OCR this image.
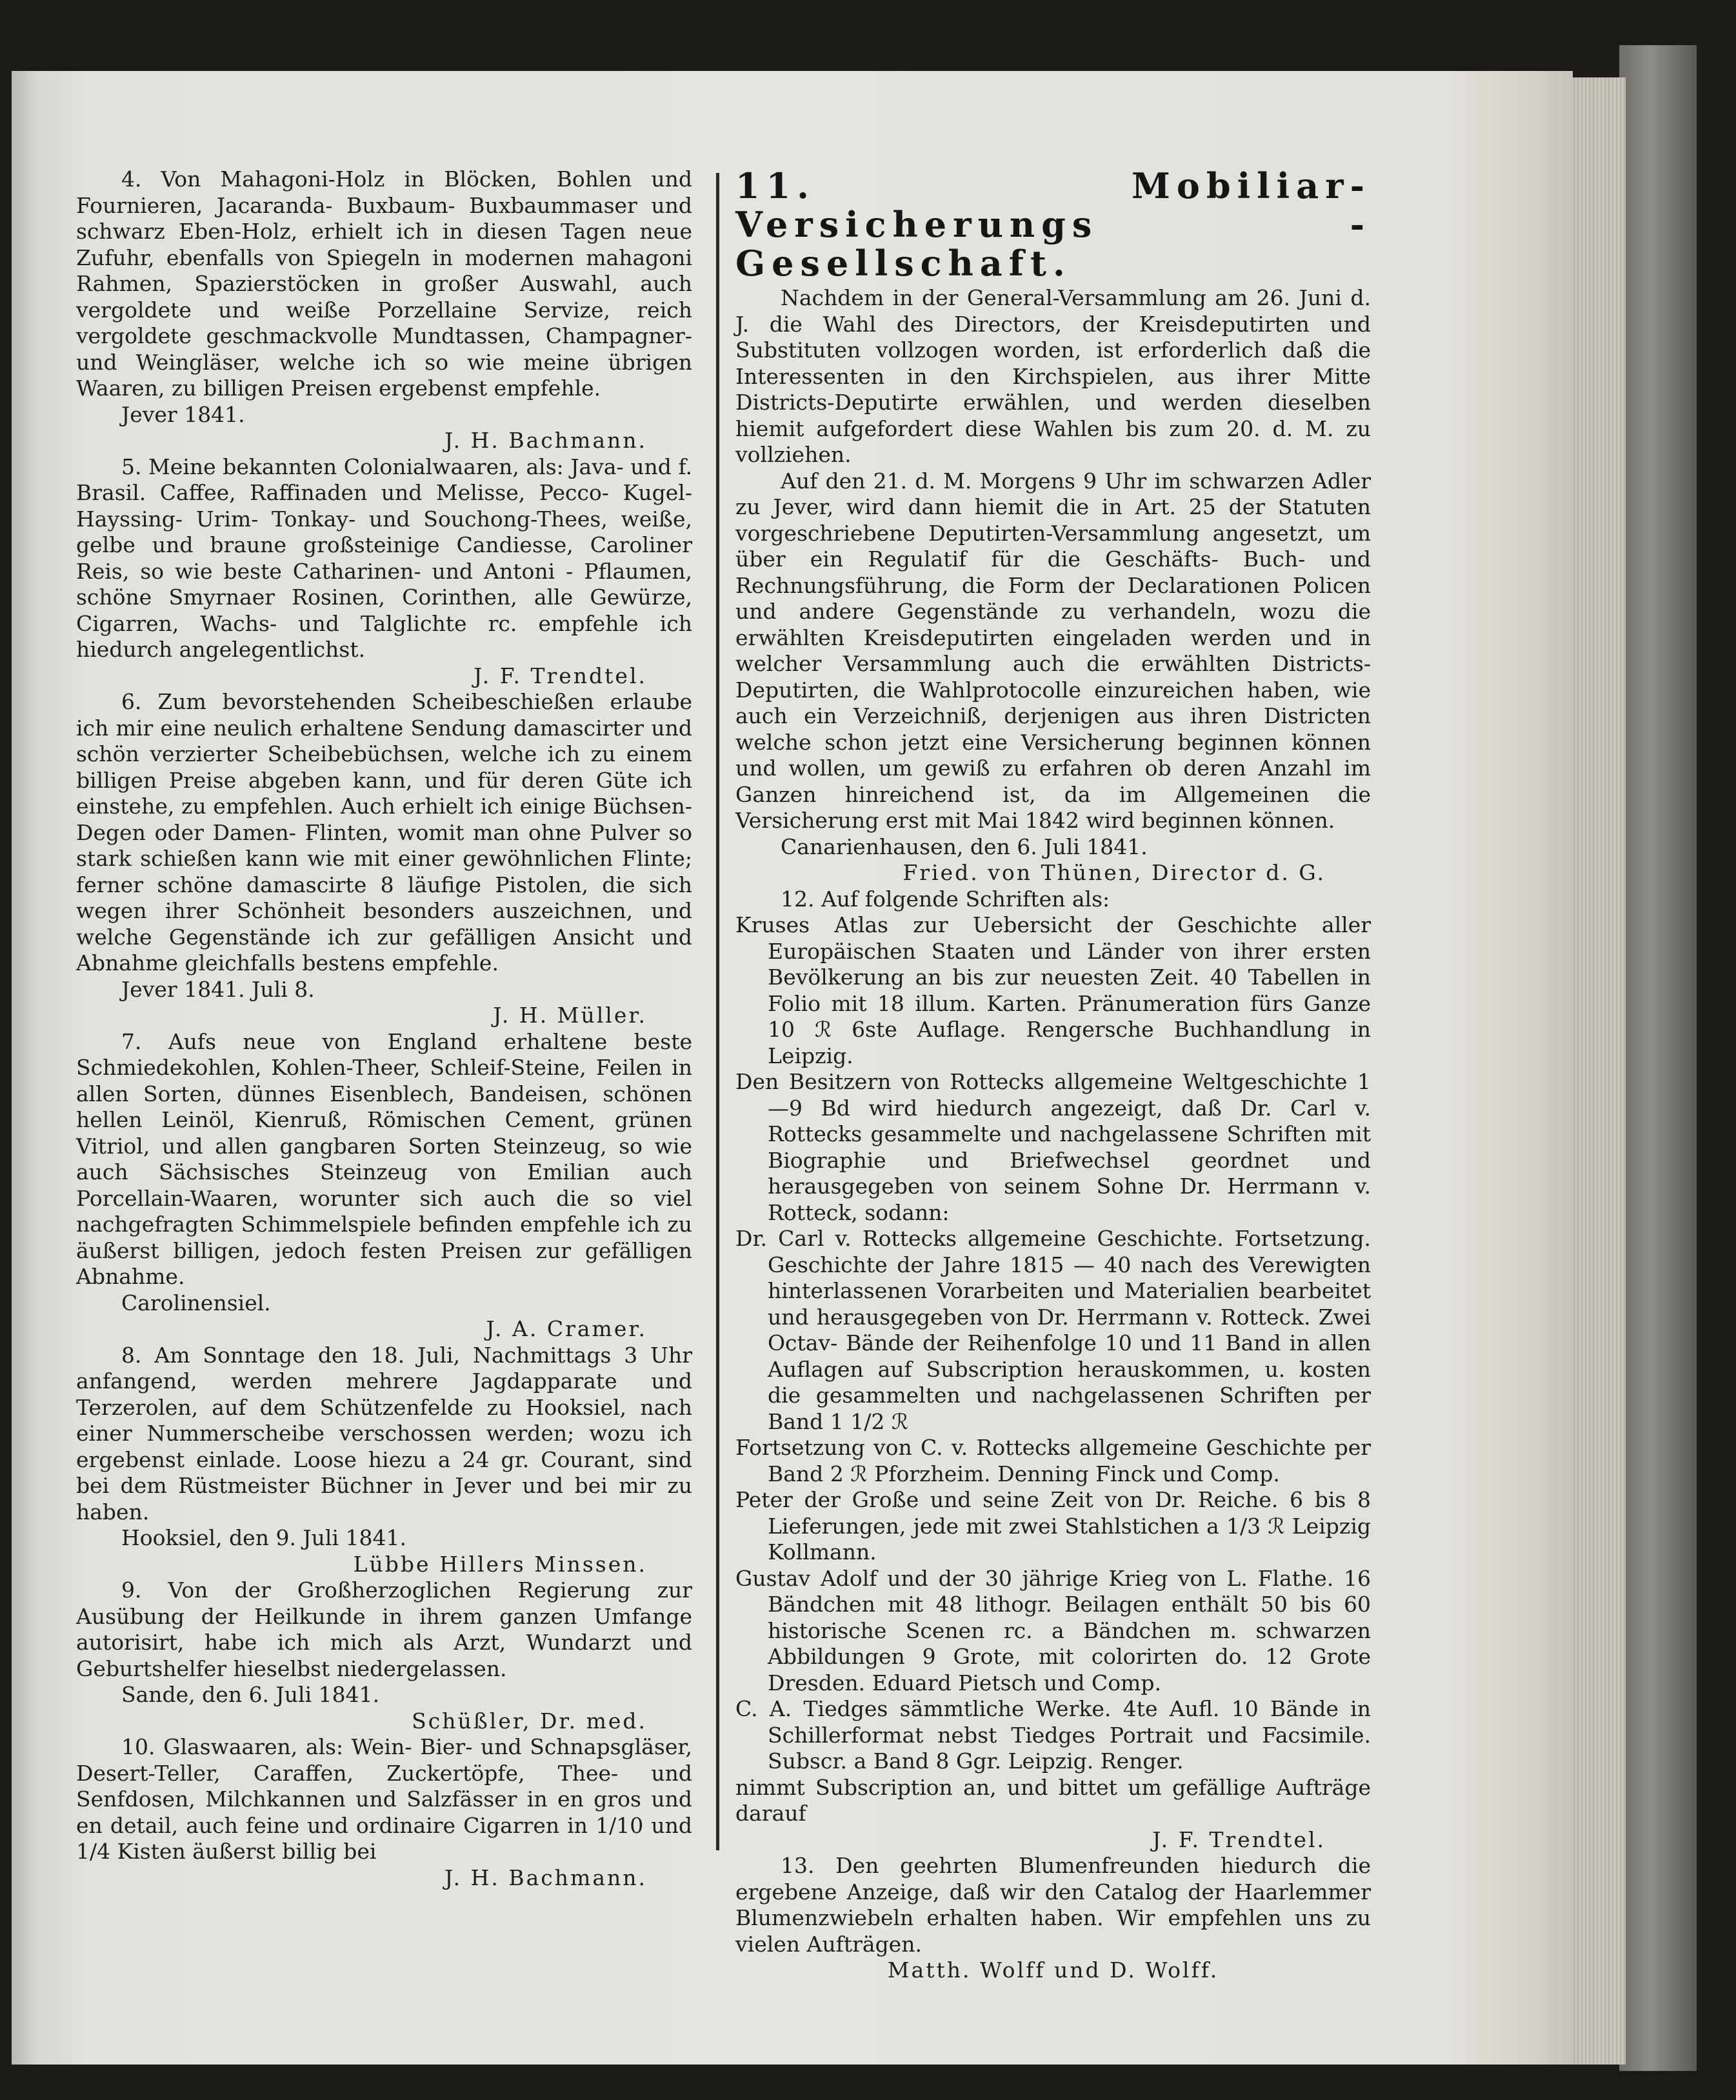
4. Von Mahagoni-Holz in Blöcken, Bohlen und Fournieren, Jacaranda- Buxbaum- Buxbaummaser und schwarz Eben-Holz, erhielt ich in diesen Tagen neue Zufuhr, ebenfalls von Spiegeln in modernen mahagoni Rahmen, Spazierstöcken in großer Auswahl, auch vergoldete und weiße Porzellaine Servize, reich vergoldete geschmackvolle Mundtassen, Champagner- und Weingläser, welche ich so wie meine übrigen Waaren, zu billigen Preisen ergebenst empfehle.

Jever 1841.

J. H. Bachmann.

5. Meine bekannten Colonialwaaren, als: Java- und f. Brasil. Caffee, Raffinaden und Melisse, Pecco- Kugel- Hayssing- Urim- Tonkay- und Souchong-Thees, weiße, gelbe und braune großsteinige Candiesse, Caroliner Reis, so wie beste Catharinen- und Antoni - Pflaumen, schöne Smyrnaer Rosinen, Corinthen, alle Gewürze, Cigarren, Wachs- und Talglichte rc. empfehle ich hiedurch angelegentlichst.

J. F. Trendtel.

6. Zum bevorstehenden Scheibeschießen erlaube ich mir eine neulich erhaltene Sendung damascirter und schön verzierter Scheibebüchsen, welche ich zu einem billigen Preise abgeben kann, und für deren Güte ich einstehe, zu empfehlen. Auch erhielt ich einige Büchsen- Degen oder Damen- Flinten, womit man ohne Pulver so stark schießen kann wie mit einer gewöhnlichen Flinte; ferner schöne damascirte 8 läufige Pistolen, die sich wegen ihrer Schönheit besonders auszeichnen, und welche Gegenstände ich zur gefälligen Ansicht und Abnahme gleichfalls bestens empfehle.

Jever 1841. Juli 8.

J. H. Müller.

7. Aufs neue von England erhaltene beste Schmiedekohlen, Kohlen-Theer, Schleif-Steine, Feilen in allen Sorten, dünnes Eisenblech, Bandeisen, schönen hellen Leinöl, Kienruß, Römischen Cement, grünen Vitriol, und allen gangbaren Sorten Steinzeug, so wie auch Sächsisches Steinzeug von Emilian auch Porcellain-Waaren, worunter sich auch die so viel nachgefragten Schimmelspiele befinden empfehle ich zu äußerst billigen, jedoch festen Preisen zur gefälligen Abnahme.

Carolinensiel.

J. A. Cramer.

8. Am Sonntage den 18. Juli, Nachmittags 3 Uhr anfangend, werden mehrere Jagdapparate und Terzerolen, auf dem Schützenfelde zu Hooksiel, nach einer Nummerscheibe verschossen werden; wozu ich ergebenst einlade. Loose hiezu a 24 gr. Courant, sind bei dem Rüstmeister Büchner in Jever und bei mir zu haben.

Hooksiel, den 9. Juli 1841.

Lübbe Hillers Minssen.

9. Von der Großherzoglichen Regierung zur Ausübung der Heilkunde in ihrem ganzen Umfange autorisirt, habe ich mich als Arzt, Wundarzt und Geburtshelfer hieselbst niedergelassen.

Sande, den 6. Juli 1841.

Schüßler, Dr. med.

10. Glaswaaren, als: Wein- Bier- und Schnapsgläser, Desert-Teller, Caraffen, Zuckertöpfe, Thee- und Senfdosen, Milchkannen und Salzfässer in en gros und en detail, auch feine und ordinaire Cigarren in 1/10 und 1/4 Kisten äußerst billig bei

J. H. Bachmann.

11. Mobiliar-

Versicherungs - Gesellschaft.

Nachdem in der General-Versammlung am 26. Juni d. J. die Wahl des Directors, der Kreisdeputirten und Substituten vollzogen worden, ist erforderlich daß die Interessenten in den Kirchspielen, aus ihrer Mitte Districts-Deputirte erwählen, und werden dieselben hiemit aufgefordert diese Wahlen bis zum 20. d. M. zu vollziehen.

Auf den 21. d. M. Morgens 9 Uhr im schwarzen Adler zu Jever, wird dann hiemit die in Art. 25 der Statuten vorgeschriebene Deputirten-Versammlung angesetzt, um über ein Regulatif für die Geschäfts- Buch- und Rechnungsführung, die Form der Declarationen Policen und andere Gegenstände zu verhandeln, wozu die erwählten Kreisdeputirten eingeladen werden und in welcher Versammlung auch die erwählten Districts-Deputirten, die Wahlprotocolle einzureichen haben, wie auch ein Verzeichniß, derjenigen aus ihren Districten welche schon jetzt eine Versicherung beginnen können und wollen, um gewiß zu erfahren ob deren Anzahl im Ganzen hinreichend ist, da im Allgemeinen die Versicherung erst mit Mai 1842 wird beginnen können.

Canarienhausen, den 6. Juli 1841.

Fried. von Thünen, Director d. G.

12. Auf folgende Schriften als:

Kruses Atlas zur Uebersicht der Geschichte aller Europäischen Staaten und Länder von ihrer ersten Bevölkerung an bis zur neuesten Zeit. 40 Tabellen in Folio mit 18 illum. Karten. Pränumeration fürs Ganze 10 ℛ 6ste Auflage. Rengersche Buchhandlung in Leipzig.

Den Besitzern von Rottecks allgemeine Weltgeschichte 1—9 Bd wird hiedurch angezeigt, daß Dr. Carl v. Rottecks gesammelte und nachgelassene Schriften mit Biographie und Briefwechsel geordnet und herausgegeben von seinem Sohne Dr. Herrmann v. Rotteck, sodann:

Dr. Carl v. Rottecks allgemeine Geschichte. Fortsetzung. Geschichte der Jahre 1815 — 40 nach des Verewigten hinterlassenen Vorarbeiten und Materialien bearbeitet und herausgegeben von Dr. Herrmann v. Rotteck. Zwei Octav- Bände der Reihenfolge 10 und 11 Band in allen Auflagen auf Subscription herauskommen, u. kosten die gesammelten und nachgelassenen Schriften per Band 1 1/2 ℛ

Fortsetzung von C. v. Rottecks allgemeine Geschichte per Band 2 ℛ Pforzheim. Denning Finck und Comp.

Peter der Große und seine Zeit von Dr. Reiche. 6 bis 8 Lieferungen, jede mit zwei Stahlstichen a 1/3 ℛ Leipzig Kollmann.

Gustav Adolf und der 30 jährige Krieg von L. Flathe. 16 Bändchen mit 48 lithogr. Beilagen enthält 50 bis 60 historische Scenen rc. a Bändchen m. schwarzen Abbildungen 9 Grote, mit colorirten do. 12 Grote Dresden. Eduard Pietsch und Comp.

C. A. Tiedges sämmtliche Werke. 4te Aufl. 10 Bände in Schillerformat nebst Tiedges Portrait und Facsimile. Subscr. a Band 8 Ggr. Leipzig. Renger.

nimmt Subscription an, und bittet um gefällige Aufträge darauf

J. F. Trendtel.

13. Den geehrten Blumenfreunden hiedurch die ergebene Anzeige, daß wir den Catalog der Haarlemmer Blumenzwiebeln erhalten haben. Wir empfehlen uns zu vielen Aufträgen.

Matth. Wolff und D. Wolff.
